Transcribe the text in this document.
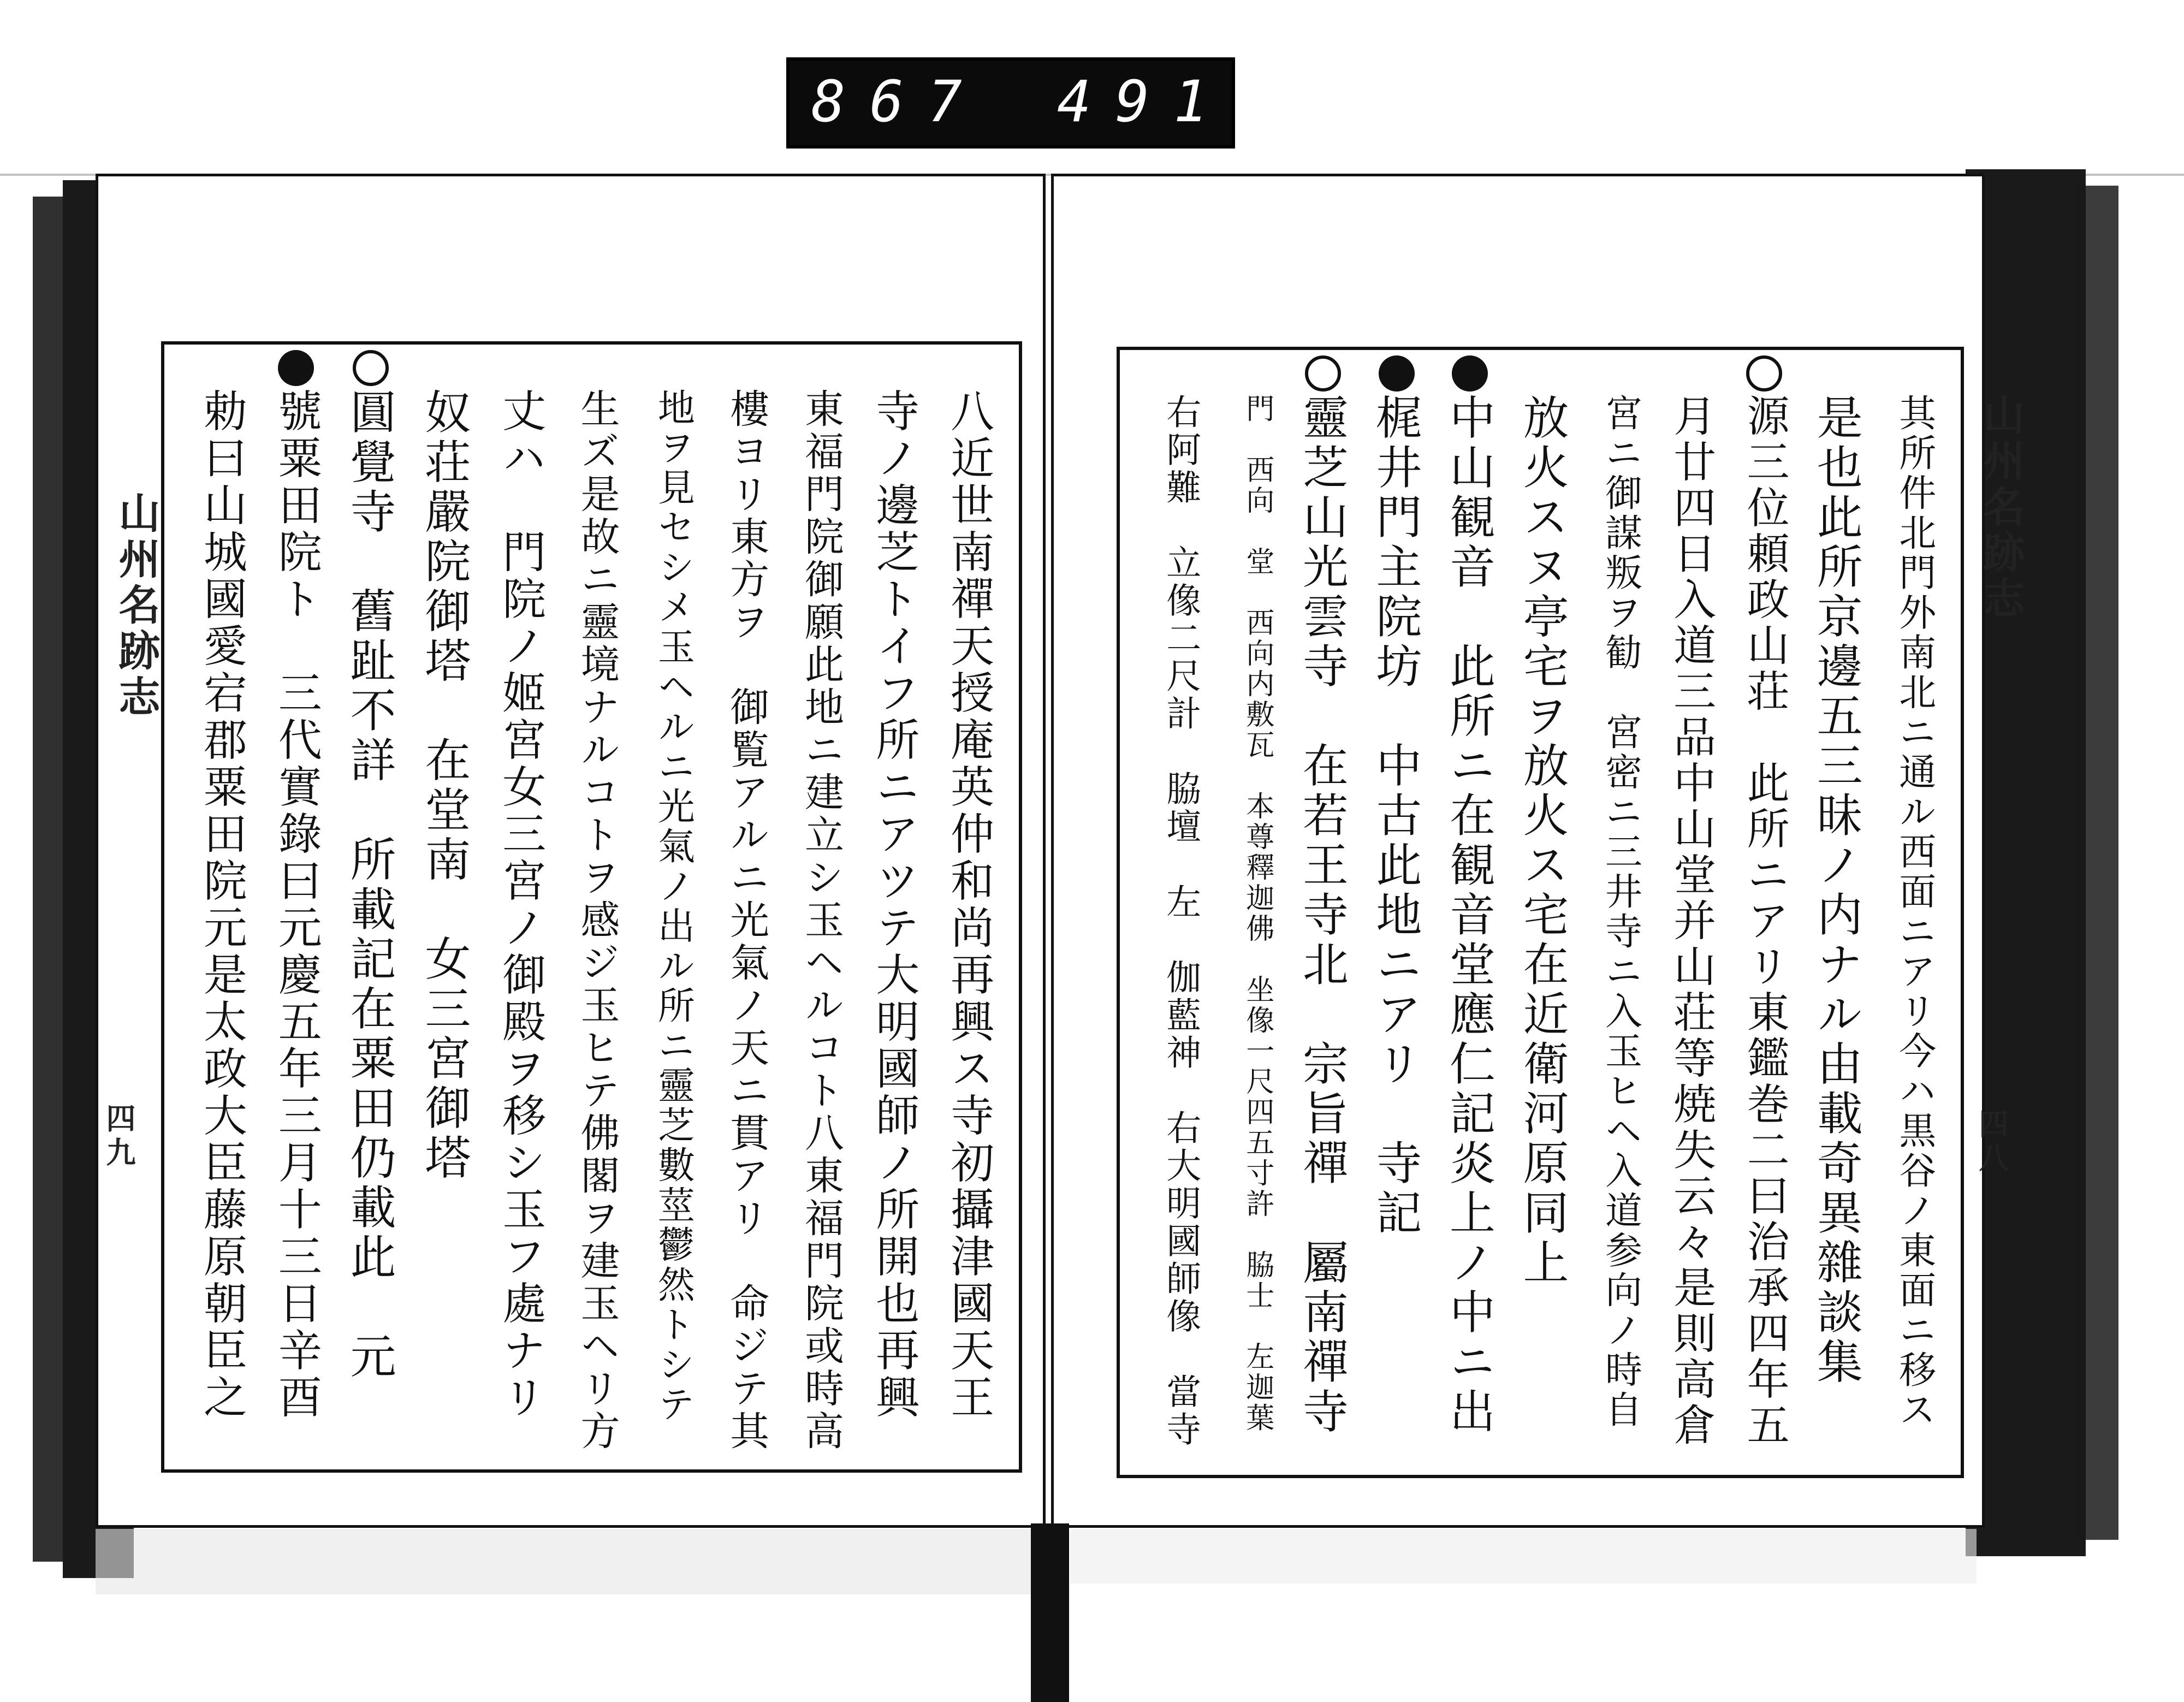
867 491.
山州名跡志
四九
山州名跡志
四八
八近世南禪天授庵英仲和尚再興ス寺初攝津國天王
寺ノ邊芝トイフ所ニアツテ大明國師ノ所開也再興
東福門院御願此地ニ建立シ玉ヘルコト八東福門院或時高
樓ヨリ東方ヲ　御覧アルニ光氣ノ天ニ貫アリ　命ジテ其
地ヲ見セシメ玉ヘルニ光氣ノ出ル所ニ靈芝數莖鬱然トシテ
生ズ是故ニ靈境ナルコトヲ感ジ玉ヒテ佛閣ヲ建玉ヘリ方
丈ハ　門院ノ姬宮女三宮ノ御殿ヲ移シ玉フ處ナリ
奴荘嚴院御塔　在堂南　女三宮御塔
圓覺寺　舊趾不詳　所載記在粟田仍載此　元
號粟田院ト　三代實錄曰元慶五年三月十三日辛酉
勅曰山城國愛宕郡粟田院元是太政大臣藤原朝臣之	其所件北門外南北ニ通ル西面ニアリ今ハ黒谷ノ東面ニ移ス
是也此所京邊五三昧ノ内ナル由載奇異雜談集
源三位頼政山荘　此所ニアリ東鑑巻二曰治承四年五
月廿四日入道三品中山堂并山荘等焼失云々是則高倉
宮ニ御謀叛ヲ勧　宮密ニ三井寺ニ入玉ヒヘ入道参向ノ時自
放火スヌ亭宅ヲ放火ス宅在近衛河原同上
中山観音　此所ニ在観音堂應仁記炎上ノ中ニ出
梶井門主院坊　中古此地ニアリ　寺記
靈芝山光雲寺　在若王寺北　宗旨禪　屬南禪寺
門　西向　堂　西向内敷瓦　本尊釋迦佛　坐像一尺四五寸許　脇士　左迦葉
右阿難　立像二尺計　脇壇　左　伽藍神　右大明國師像　當寺
